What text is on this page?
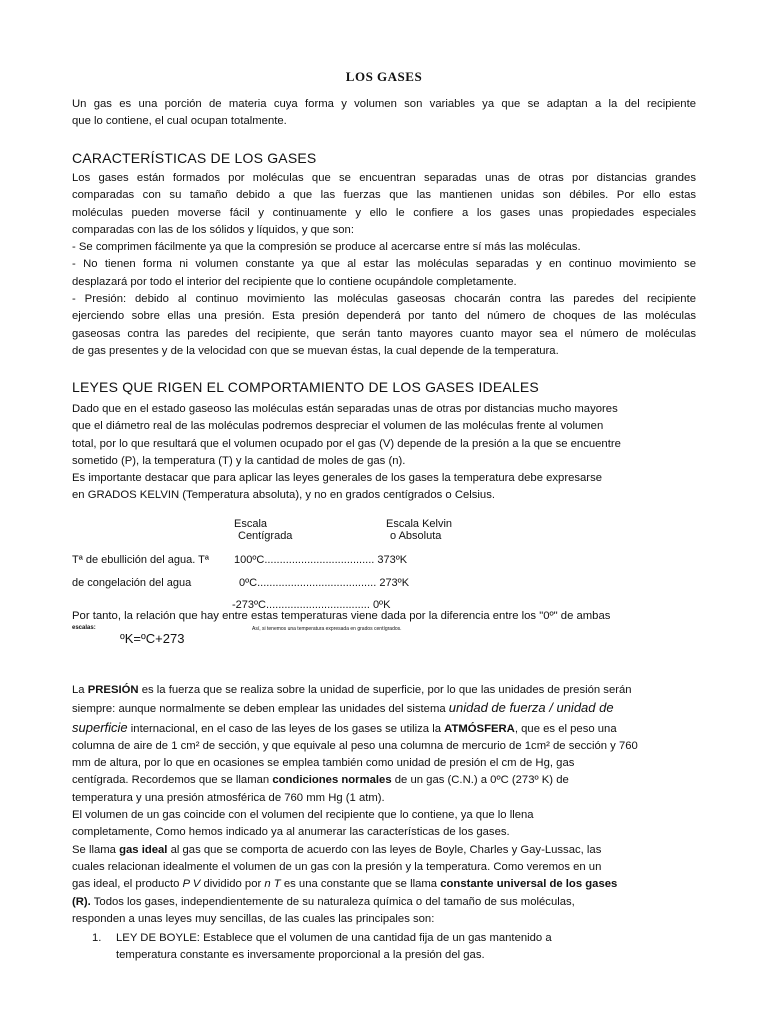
LOS GASES
Un gas es una porción de materia cuya forma y volumen son variables ya que se adaptan a la del recipiente
que lo contiene, el cual ocupan totalmente.
CARACTERÍSTICAS DE LOS GASES
Los gases están formados por moléculas que se encuentran separadas unas de otras por distancias grandes
comparadas con su tamaño debido a que las fuerzas que las mantienen unidas son débiles. Por ello estas
moléculas pueden moverse fácil y continuamente y ello le confiere a los gases unas propiedades especiales
comparadas con las de los sólidos y líquidos, y que son:
- Se comprimen fácilmente ya que la compresión se produce al acercarse entre sí más las moléculas.
- No tienen forma ni volumen constante ya que al estar las moléculas separadas y en continuo movimiento se
desplazará por todo el interior del recipiente que lo contiene ocupándole completamente.
- Presión: debido al continuo movimiento las moléculas gaseosas chocarán contra las paredes del recipiente
ejerciendo sobre ellas una presión. Esta presión dependerá por tanto del número de choques de las moléculas
gaseosas contra las paredes del recipiente, que serán tanto mayores cuanto mayor sea el número de moléculas
de gas presentes y de la velocidad con que se muevan éstas, la cual depende de la temperatura.
LEYES QUE RIGEN EL COMPORTAMIENTO DE LOS GASES IDEALES
Dado que en el estado gaseoso las moléculas están separadas unas de otras por distancias mucho mayores
que el diámetro real de las moléculas podremos despreciar el volumen de las moléculas frente al volumen
total, por lo que resultará que el volumen ocupado por el gas (V) depende de la presión a la que se encuentre
sometido (P), la temperatura (T) y la cantidad de moles de gas (n).
Es importante destacar que para aplicar las leyes generales de los gases la temperatura debe expresarse
en GRADOS KELVIN (Temperatura absoluta), y no en grados centígrados o Celsius.
Escala
Centígrada
Escala Kelvin
o Absoluta
Tª de ebullición del agua. Tª 100ºC.................................... 373ºK
de congelación del agua	0ºC....................................... 273ºK
-273ºC.................................. 0ºK
Por tanto, la relación que hay entre estas temperaturas viene dada por la diferencia entre los "0º" de ambas
escalas:	Así, si tenemos una temperatura expresada en grados centígrados.
ºK=ºC+273
La PRESIÓN es la fuerza que se realiza sobre la unidad de superficie, por lo que las unidades de presión serán
siempre: aunque normalmente se deben emplear las unidades del sistema unidad de fuerza / unidad de
superficie internacional, en el caso de las leyes de los gases se utiliza la ATMÓSFERA, que es el peso una
columna de aire de 1 cm² de sección, y que equivale al peso una columna de mercurio de 1cm² de sección y 760
mm de altura, por lo que en ocasiones se emplea también como unidad de presión el cm de Hg, gas
centígrada. Recordemos que se llaman condiciones normales de un gas (C.N.) a 0ºC (273º K) de
temperatura y una presión atmosférica de 760 mm Hg (1 atm).
El volumen de un gas coincide con el volumen del recipiente que lo contiene, ya que lo llena
completamente, Como hemos indicado ya al anumerar las características de los gases.
Se llama gas ideal al gas que se comporta de acuerdo con las leyes de Boyle, Charles y Gay-Lussac, las
cuales relacionan idealmente el volumen de un gas con la presión y la temperatura. Como veremos en un
gas ideal, el producto P V dividido por n T es una constante que se llama constante universal de los gases
(R). Todos los gases, independientemente de su naturaleza química o del tamaño de sus moléculas,
responden a unas leyes muy sencillas, de las cuales las principales son:
1. LEY DE BOYLE: Establece que el volumen de una cantidad fija de un gas mantenido a
temperatura constante es inversamente proporcional a la presión del gas.
